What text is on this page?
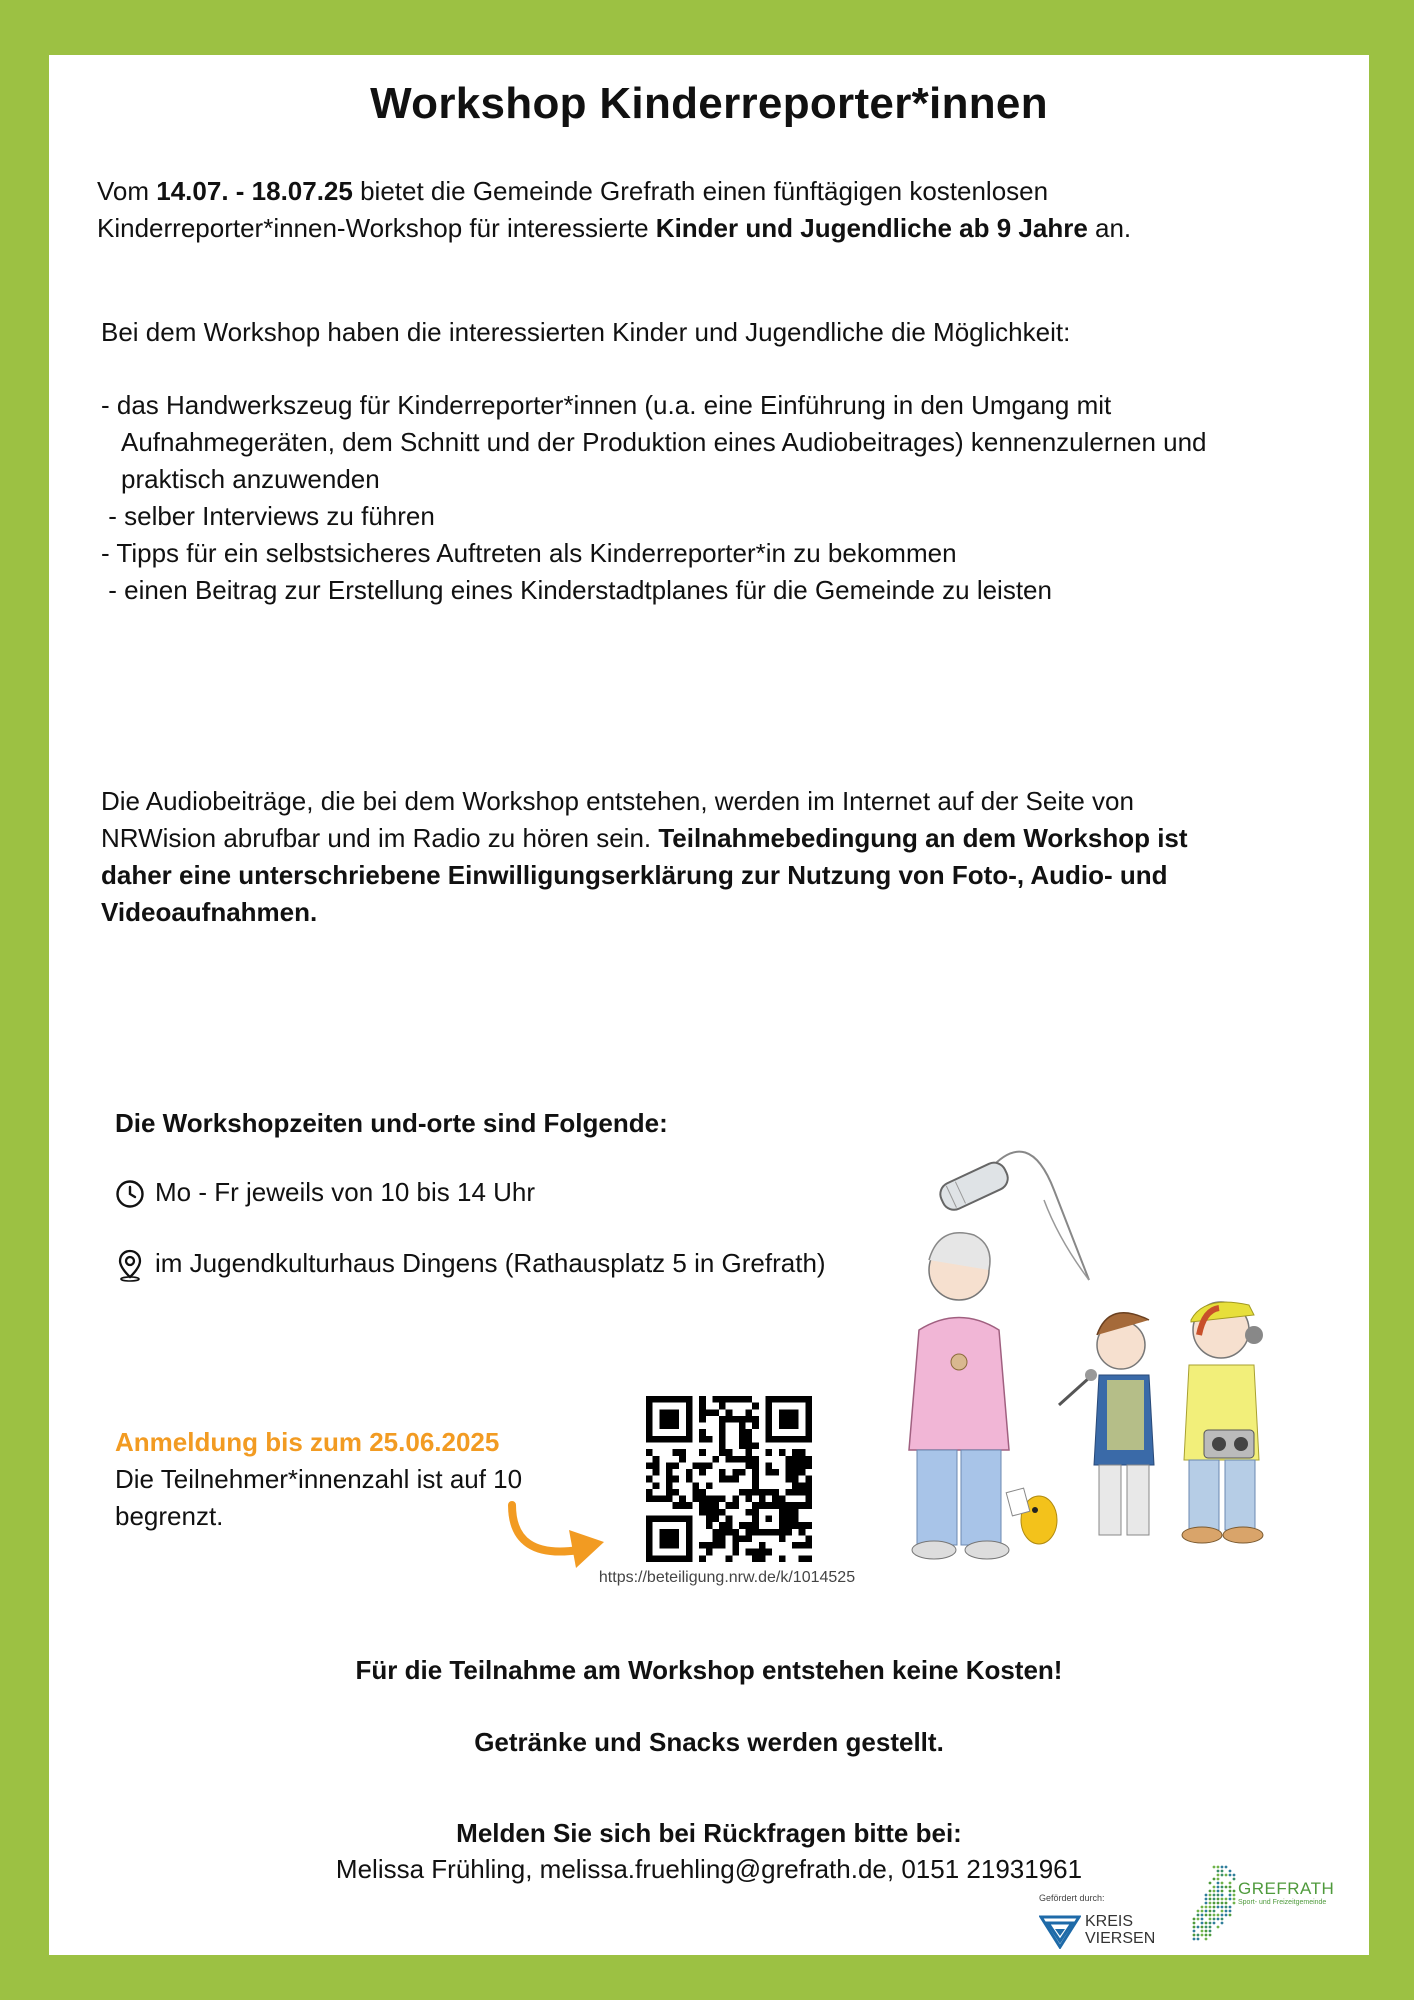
Workshop Kinderreporter*innen
Vom 14.07. - 18.07.25 bietet die Gemeinde Grefrath einen fünftägigen kostenlosen
Kinderreporter*innen-Workshop für interessierte Kinder und Jugendliche ab 9 Jahre an.
Bei dem Workshop haben die interessierten Kinder und Jugendliche die Möglichkeit:
- das Handwerkszeug für Kinderreporter*innen (u.a. eine Einführung in den Umgang mit
Aufnahmegeräten, dem Schnitt und der Produktion eines Audiobeitrages) kennenzulernen und
praktisch anzuwenden
- selber Interviews zu führen
- Tipps für ein selbstsicheres Auftreten als Kinderreporter*in zu bekommen
- einen Beitrag zur Erstellung eines Kinderstadtplanes für die Gemeinde zu leisten
Die Audiobeiträge, die bei dem Workshop entstehen, werden im Internet auf der Seite von
NRWision abrufbar und im Radio zu hören sein. Teilnahmebedingung an dem Workshop ist
daher eine unterschriebene Einwilligungserklärung zur Nutzung von Foto-, Audio- und
Videoaufnahmen.
Die Workshopzeiten und-orte sind Folgende:
Mo - Fr jeweils von 10 bis 14 Uhr
im Jugendkulturhaus Dingens (Rathausplatz 5 in Grefrath)
Anmeldung bis zum 25.06.2025
Die Teilnehmer*innenzahl ist auf 10
begrenzt.
https://beteiligung.nrw.de/k/1014525
Für die Teilnahme am Workshop entstehen keine Kosten!
Getränke und Snacks werden gestellt.
Melden Sie sich bei Rückfragen bitte bei:
Melissa Frühling, melissa.fruehling@grefrath.de, 0151 21931961
Gefördert durch:
KREIS
VIERSEN
GREFRATH
Sport- und Freizeitgemeinde
